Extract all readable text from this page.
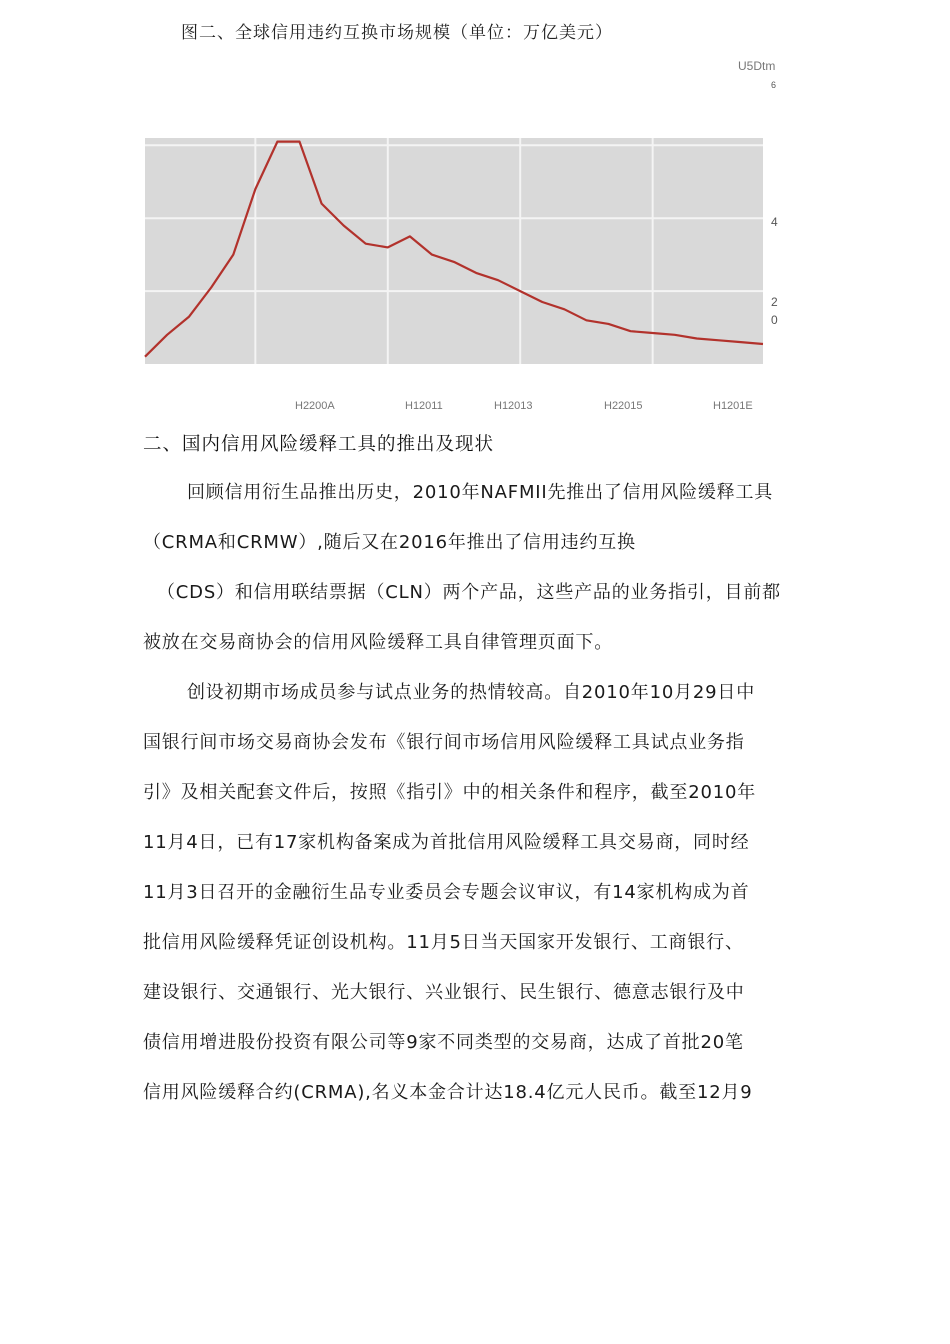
图二、全球信用违约互换市场规模（单位：万亿美元）
U5Dtm
6
4
2
0
H2200A	H12011	H12013	H22015	H1201E
二、国内信用风险缓释工具的推出及现状
回顾信用衍生品推出历史，2010年NAFMII先推出了信用风险缓释工具
（CRMA和CRMW）,随后又在2016年推出了信用违约互换
（CDS）和信用联结票据（CLN）两个产品，这些产品的业务指引，目前都
被放在交易商协会的信用风险缓释工具自律管理页面下。
创设初期市场成员参与试点业务的热情较高。自2010年10月29日中
国银行间市场交易商协会发布《银行间市场信用风险缓释工具试点业务指
引》及相关配套文件后，按照《指引》中的相关条件和程序，截至2010年
11月4日，已有17家机构备案成为首批信用风险缓释工具交易商，同时经
11月3日召开的金融衍生品专业委员会专题会议审议，有14家机构成为首
批信用风险缓释凭证创设机构。11月5日当天国家开发银行、工商银行、
建设银行、交通银行、光大银行、兴业银行、民生银行、德意志银行及中
债信用增进股份投资有限公司等9家不同类型的交易商，达成了首批20笔
信用风险缓释合约(CRMA),名义本金合计达18.4亿元人民币。截至12月9
